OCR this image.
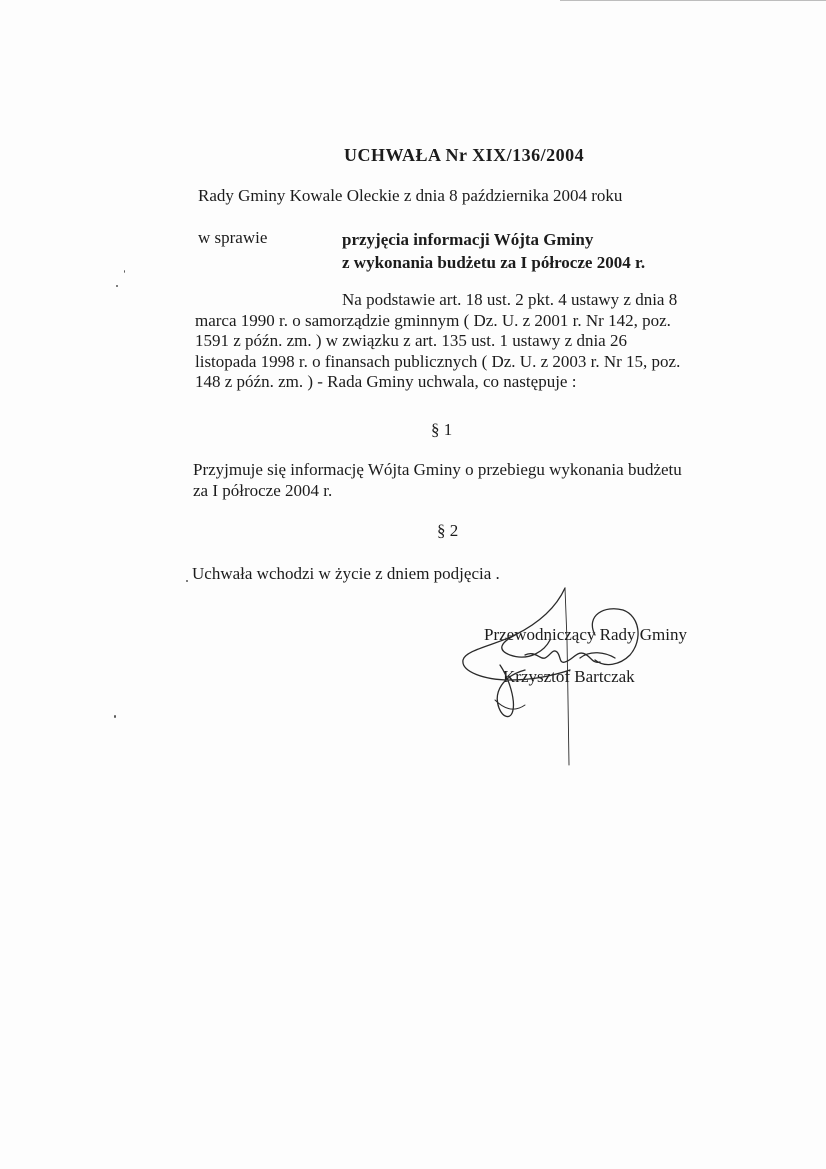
UCHWAŁA Nr XIX/136/2004
Rady Gminy Kowale Oleckie z dnia 8 października 2004 roku
w sprawie	przyjęcia informacji Wójta Gminy
z wykonania budżetu za I półrocze 2004 r.
Na podstawie art. 18 ust. 2 pkt. 4 ustawy z dnia 8
marca 1990 r. o samorządzie gminnym ( Dz. U. z 2001 r. Nr 142, poz.
1591 z późn. zm. ) w związku z art. 135 ust. 1 ustawy z dnia 26
listopada 1998 r. o finansach publicznych ( Dz. U. z 2003 r. Nr 15, poz.
148 z późn. zm. ) - Rada Gminy uchwala, co następuje :
§ 1
Przyjmuje się informację Wójta Gminy o przebiegu wykonania budżetu
za I półrocze 2004 r.
§ 2
Uchwała wchodzi w życie z dniem podjęcia .
Przewodniczący Rady Gminy
Krzysztof Bartczak
